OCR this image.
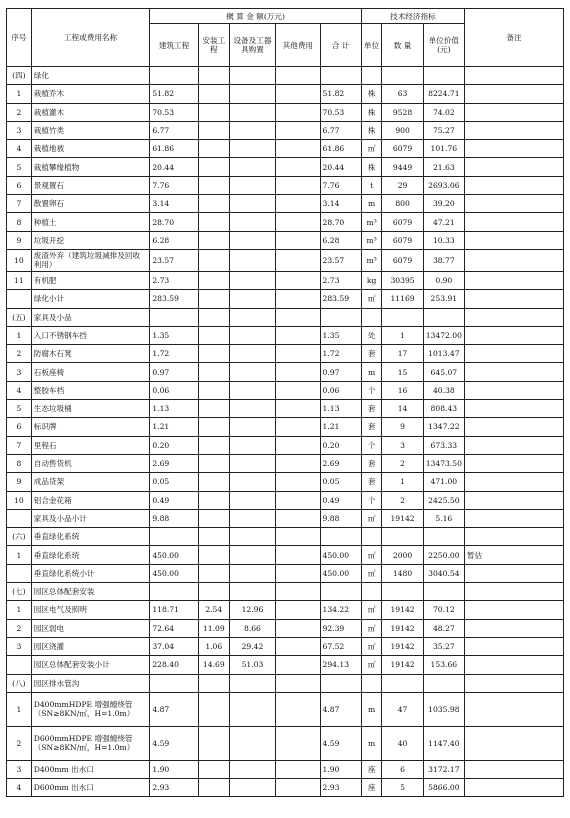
序号	工程或费用名称	概 算 金 额(万元)					技术经济指标			备注
		建筑工程	安装工程	设备及工器具购置	其他费用	合 计	单位	数 量	单位价值(元)	
(四)	绿化									
1	栽植乔木	51.82				51.82	株	63	8224.71	
2	栽植灌木	70.53				70.53	株	9528	74.02	
3	栽植竹类	6.77				6.77	株	900	75.27	
4	栽植地被	61.86				61.86	㎡	6079	101.76	
5	栽植攀缘植物	20.44				20.44	株	9449	21.63	
6	景观置石	7.76				7.76	t	29	2693.06	
7	散置卵石	3.14				3.14	m	800	39.20	
8	种植土	28.70				28.70	m³	6079	47.21	
9	垃圾开挖	6.28				6.28	m³	6079	10.33	
10	废渣外弃（建筑垃圾减排及回收利用）	23.57				23.57	m³	6079	38.77	
11	有机肥	2.73				2.73	kg	30395	0.90	
	绿化小计	283.59				283.59	㎡	11169	253.91	
(五)	家具及小品									
1	入口不锈钢车挡	1.35				1.35	处	1	13472.00	
2	防腐木石凳	1.72				1.72	套	17	1013.47	
3	石板座椅	0.97				0.97	m	15	645.07	
4	整胶车档	0.06				0.06	个	16	40.38	
5	生态垃圾桶	1.13				1.13	套	14	808.43	
6	标识牌	1.21				1.21	套	9	1347.22	
7	里程石	0.20				0.20	个	3	673.33	
8	自动售货机	2.69				2.69	套	2	13473.50	
9	成品货架	0.05				0.05	套	1	471.00	
10	铝合金花箱	0.49				0.49	个	2	2425.50	
	家具及小品小计	9.88				9.88	㎡	19142	5.16	
(六)	垂直绿化系统									
1	垂直绿化系统	450.00				450.00	㎡	2000	2250.00	暂估
	垂直绿化系统小计	450.00				450.00	㎡	1480	3040.54	
(七)	园区总体配套安装									
1	园区电气及照明	118.71	2.54	12.96		134.22	㎡	19142	70.12	
2	园区弱电	72.64	11.09	8.66		92.39	㎡	19142	48.27	
3	园区浇灌	37.04	1.06	29.42		67.52	㎡	19142	35.27	
	园区总体配套安装小计	228.40	14.69	51.03		294.13	㎡	19142	153.66	
(八)	园区排水管沟									
1	D400mmHDPE 增强缠绕管（SN≥8KN/㎡，H=1.0m）	4.87				4.87	m	47	1035.98	
2	D600mmHDPE 增强缠绕管（SN≥8KN/㎡，H=1.0m）	4.59				4.59	m	40	1147.40	
3	D400mm 出水口	1.90				1.90	座	6	3172.17	
4	D600mm 出水口	2.93				2.93	座	5	5866.00	
